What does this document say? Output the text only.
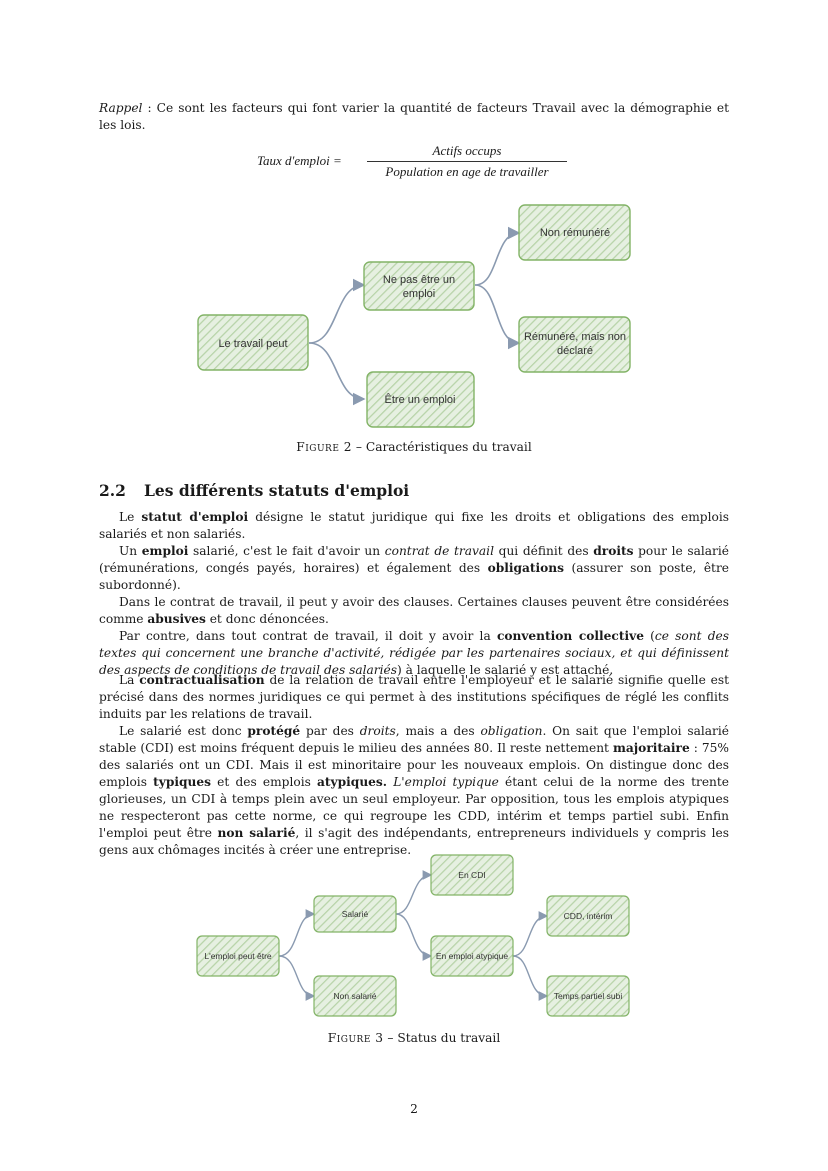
Rappel : Ce sont les facteurs qui font varier la quantité de facteurs Travail avec la démographie et les lois.

Taux d'emploi =
Actifs occups
Population en age de travailler
Le travail peut
Ne pas être un
emploi
Être un emploi
Non rémunéré
Rémunéré, mais non
déclaré
Figure 2 – Caractéristiques du travail
2.2 Les différents statuts d'emploi

Le statut d'emploi désigne le statut juridique qui fixe les droits et obligations des emplois salariés et non salariés.

Un emploi salarié, c'est le fait d'avoir un contrat de travail qui définit des droits pour le salarié (rémunérations, congés payés, horaires) et également des obligations (assurer son poste, être subordonné).

Dans le contrat de travail, il peut y avoir des clauses. Certaines clauses peuvent être considérées comme abusives et donc dénoncées.

Par contre, dans tout contrat de travail, il doit y avoir la convention collective (ce sont des textes qui concernent une branche d'activité, rédigée par les partenaires sociaux, et qui définissent des aspects de conditions de travail des salariés) à laquelle le salarié y est attaché.

La contractualisation de la relation de travail entre l'employeur et le salarié signifie quelle est précisé dans des normes juridiques ce qui permet à des institutions spécifiques de réglé les conflits induits par les relations de travail.

Le salarié est donc protégé par des droits, mais a des obligation. On sait que l'emploi salarié stable (CDI) est moins fréquent depuis le milieu des années 80. Il reste nettement majoritaire : 75% des salariés ont un CDI. Mais il est minoritaire pour les nouveaux emplois. On distingue donc des emplois typiques et des emplois atypiques. L'emploi typique étant celui de la norme des trente glorieuses, un CDI à temps plein avec un seul employeur. Par opposition, tous les emplois atypiques ne respecteront pas cette norme, ce qui regroupe les CDD, intérim et temps partiel subi. Enfin l'emploi peut être non salarié, il s'agit des indépendants, entrepreneurs individuels y compris les gens aux chômages incités à créer une entreprise.

L'emploi peut être
Salarié
Non salarié
En CDI
En emploi atypique
CDD, intérim
Temps partiel subi
Figure 3 – Status du travail
2
